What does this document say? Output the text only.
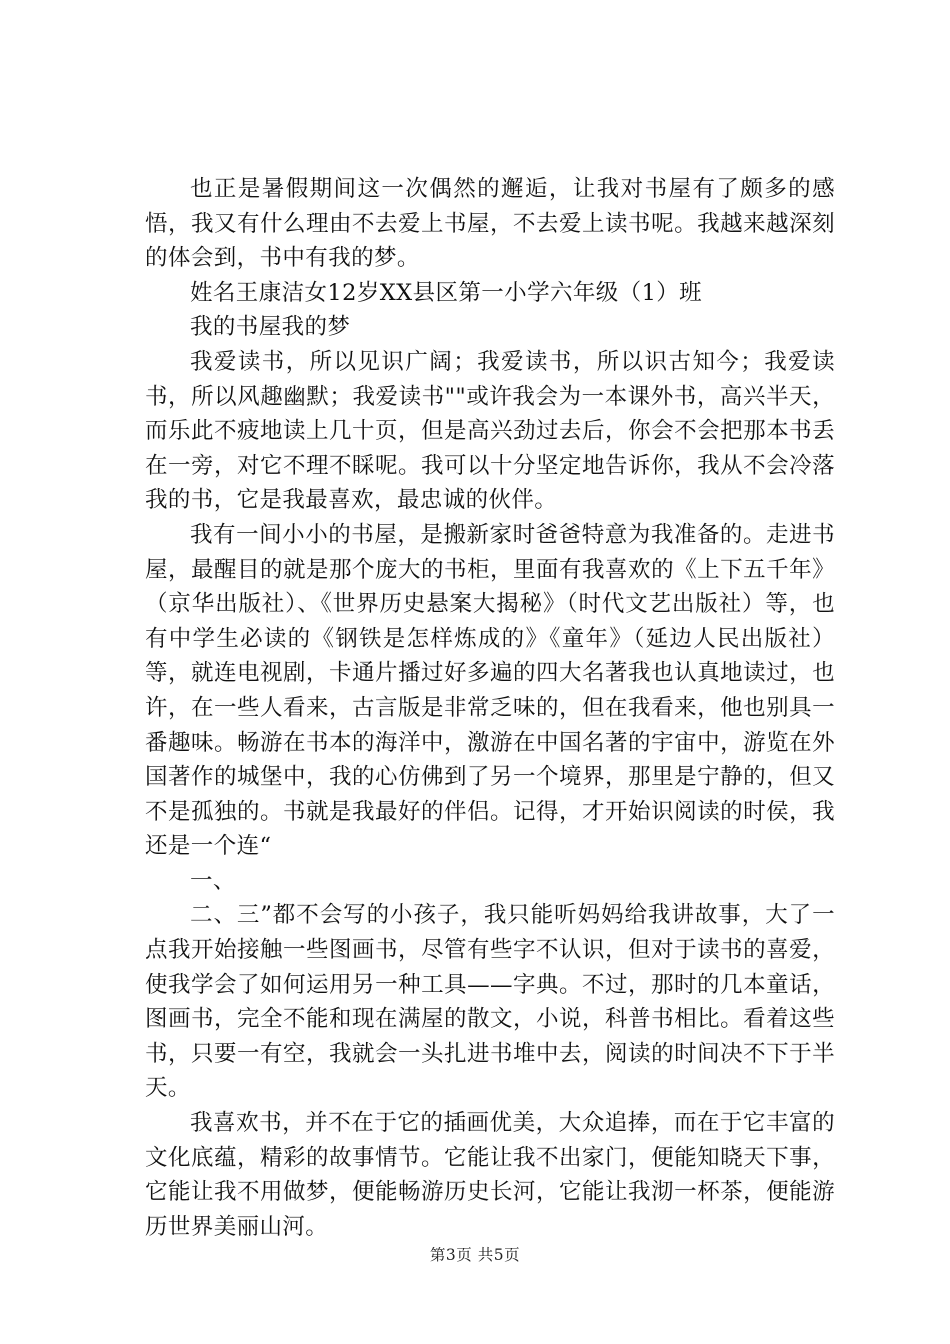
也正是暑假期间这一次偶然的邂逅，让我对书屋有了颇多的感悟，我又有什么理由不去爱上书屋，不去爱上读书呢。我越来越深刻的体会到，书中有我的梦。

姓名王康洁女12岁XX县区第一小学六年级（1）班

我的书屋我的梦

我爱读书，所以见识广阔；我爱读书，所以识古知今；我爱读书，所以风趣幽默；我爱读书""或许我会为一本课外书，高兴半天，而乐此不疲地读上几十页，但是高兴劲过去后，你会不会把那本书丢在一旁，对它不理不睬呢。我可以十分坚定地告诉你，我从不会冷落我的书，它是我最喜欢，最忠诚的伙伴。

我有一间小小的书屋，是搬新家时爸爸特意为我准备的。走进书屋，最醒目的就是那个庞大的书柜，里面有我喜欢的《上下五千年》（京华出版社）、《世界历史悬案大揭秘》（时代文艺出版社）等，也有中学生必读的《钢铁是怎样炼成的》《童年》（延边人民出版社）等，就连电视剧，卡通片播过好多遍的四大名著我也认真地读过，也许，在一些人看来，古言版是非常乏味的，但在我看来，他也别具一番趣味。畅游在书本的海洋中，激游在中国名著的宇宙中，游览在外国著作的城堡中，我的心仿佛到了另一个境界，那里是宁静的，但又不是孤独的。书就是我最好的伴侣。记得，才开始识阅读的时侯，我还是一个连“

一、

二、三”都不会写的小孩子，我只能听妈妈给我讲故事，大了一点我开始接触一些图画书，尽管有些字不认识，但对于读书的喜爱，使我学会了如何运用另一种工具——字典。不过，那时的几本童话，图画书，完全不能和现在满屋的散文，小说，科普书相比。看着这些书，只要一有空，我就会一头扎进书堆中去，阅读的时间决不下于半天。

我喜欢书，并不在于它的插画优美，大众追捧，而在于它丰富的文化底蕴，精彩的故事情节。它能让我不出家门，便能知晓天下事，它能让我不用做梦，便能畅游历史长河，它能让我沏一杯茶，便能游历世界美丽山河。

第3页 共5页
